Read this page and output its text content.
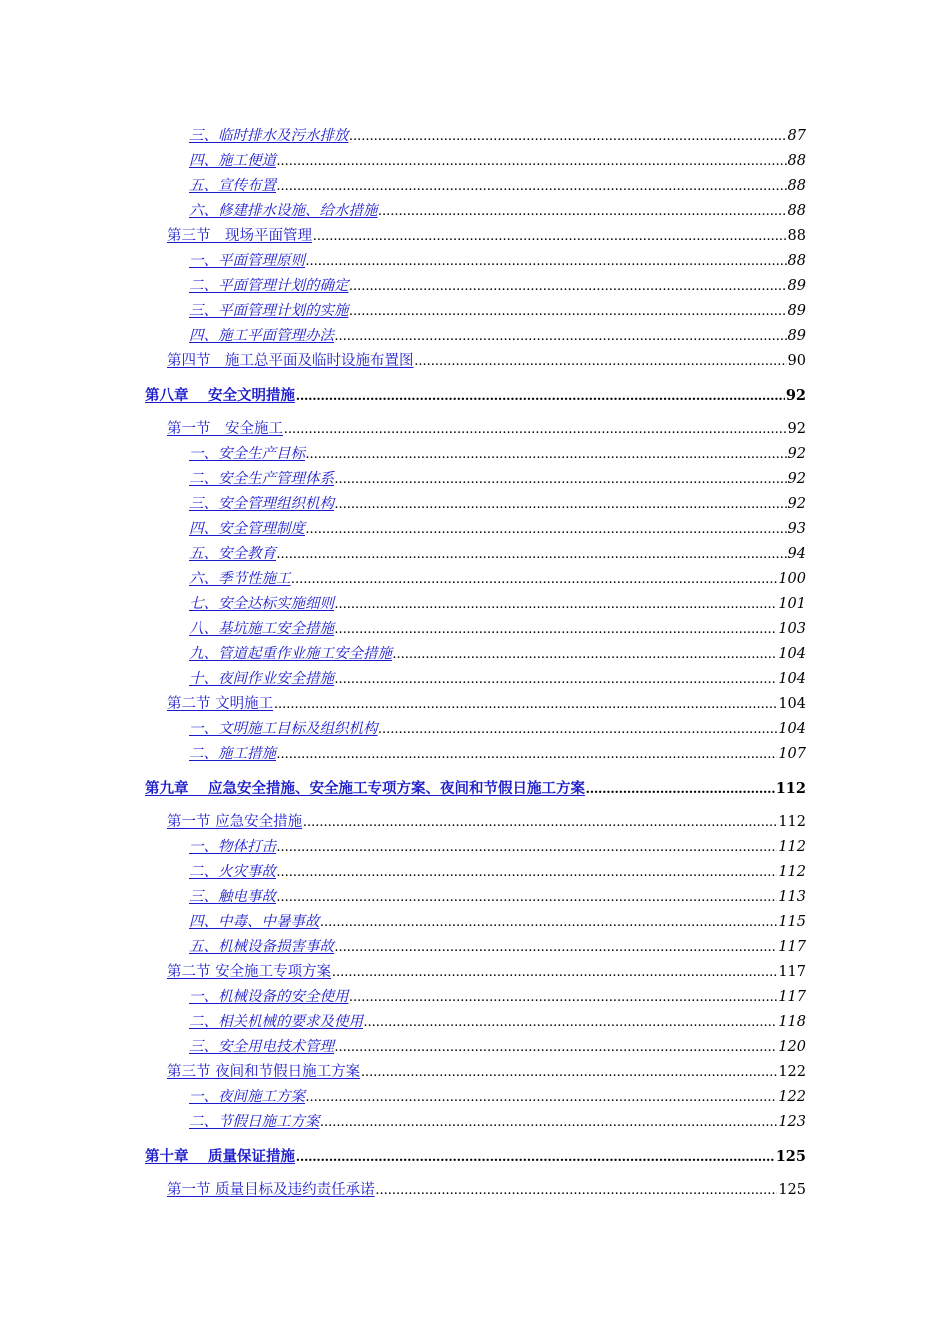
三、临时排水及污水排放 .....	87
四、施工便道 .....	88
五、宣传布置 .....	88
六、修建排水设施、给水措施 .....	88
第三节　现场平面管理 .....	88
一、平面管理原则 .....	88
二、平面管理计划的确定 .....	89
三、平面管理计划的实施 .....	89
四、施工平面管理办法 .....	89
第四节　施工总平面及临时设施布置图 .....	90
第八章　 安全文明措施 .....	92
第一节　安全施工 .....	92
一、安全生产目标 .....	92
二、安全生产管理体系 .....	92
三、安全管理组织机构 .....	92
四、安全管理制度 .....	93
五、安全教育 .....	94
六、季节性施工 .....	100
七、安全达标实施细则 .....	101
八、基坑施工安全措施 .....	103
九、管道起重作业施工安全措施 .....	104
十、夜间作业安全措施 .....	104
第二节 文明施工 .....	104
一、文明施工目标及组织机构 .....	104
二、施工措施 .....	107
第九章　 应急安全措施、安全施工专项方案、夜间和节假日施工方案 .....	112
第一节 应急安全措施 .....	112
一、物体打击 .....	112
二、火灾事故 .....	112
三、触电事故 .....	113
四、中毒、中暑事故 .....	115
五、机械设备损害事故 .....	117
第二节 安全施工专项方案 .....	117
一、机械设备的安全使用 .....	117
二、相关机械的要求及使用 .....	118
三、安全用电技术管理 .....	120
第三节 夜间和节假日施工方案 .....	122
一、夜间施工方案 .....	122
二、节假日施工方案 .....	123
第十章　 质量保证措施 .....	125
第一节 质量目标及违约责任承诺 .....	125
